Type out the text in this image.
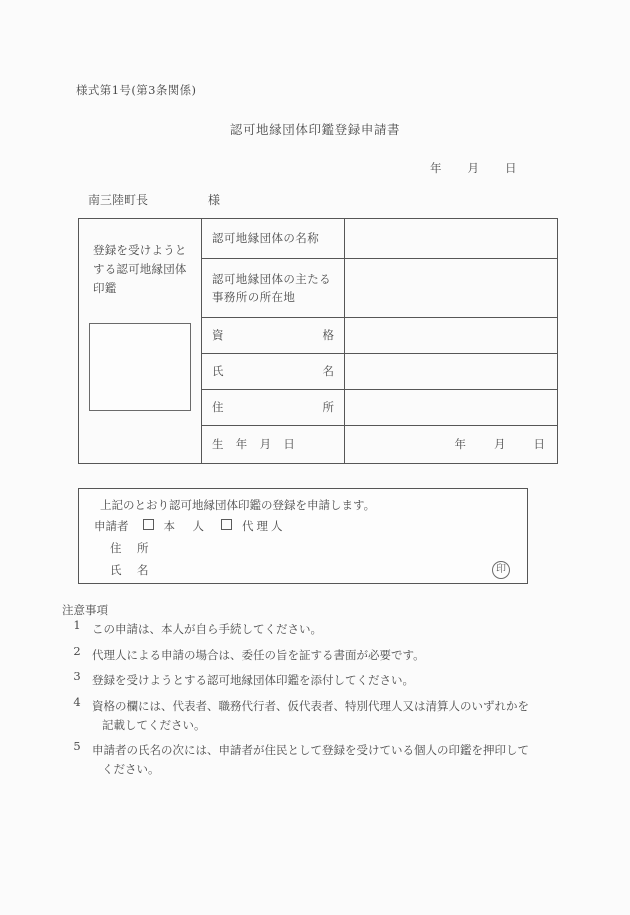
様式第1号(第3条関係)
認可地縁団体印鑑登録申請書
年 月 日
南三陸町長	様
登録を受けようとする認可地縁団体印鑑	認可地縁団体の名称	
	認可地縁団体の主たる事務所の所在地	

	資 格	

	氏 名	

	住 所	

	生　年　月　日	年 月 日
上記のとおり認可地縁団体印鑑の登録を申請します。
申請者	本　人	代理人
住　所
氏　名	印
注意事項
1 この申請は、本人が自ら手続してください。
2 代理人による申請の場合は、委任の旨を証する書面が必要です。
3 登録を受けようとする認可地縁団体印鑑を添付してください。
4 資格の欄には、代表者、職務代行者、仮代表者、特別代理人又は清算人のいずれかを
記載してください。
5 申請者の氏名の次には、申請者が住民として登録を受けている個人の印鑑を押印して
ください。
